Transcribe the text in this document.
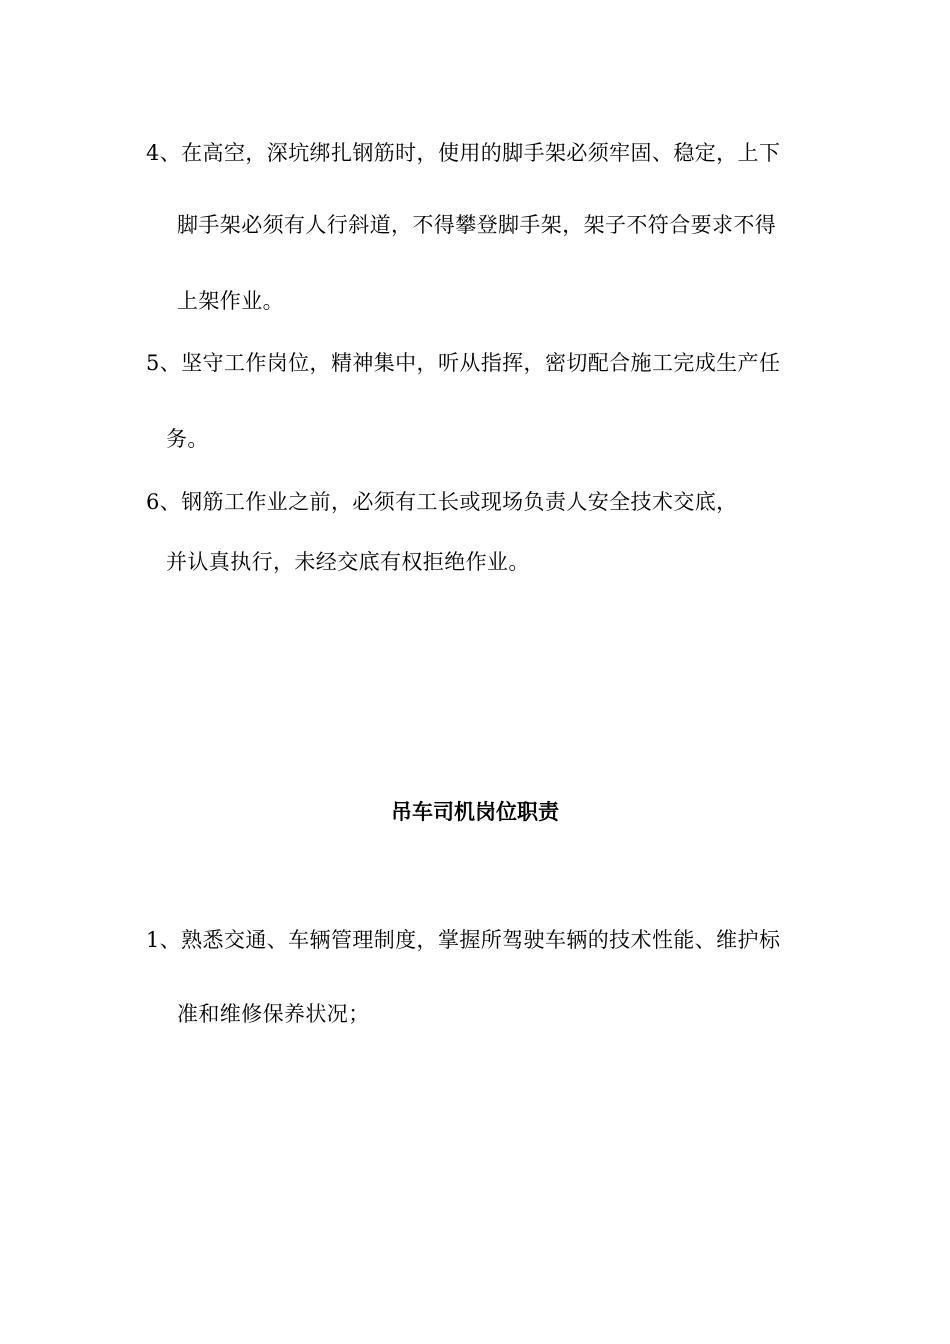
4、在高空，深坑绑扎钢筋时，使用的脚手架必须牢固、稳定，上下
脚手架必须有人行斜道，不得攀登脚手架，架子不符合要求不得
上架作业。
5、坚守工作岗位，精神集中，听从指挥，密切配合施工完成生产任
务。
6、钢筋工作业之前，必须有工长或现场负责人安全技术交底，
并认真执行，未经交底有权拒绝作业。
吊车司机岗位职责
1、熟悉交通、车辆管理制度，掌握所驾驶车辆的技术性能、维护标
准和维修保养状况；
